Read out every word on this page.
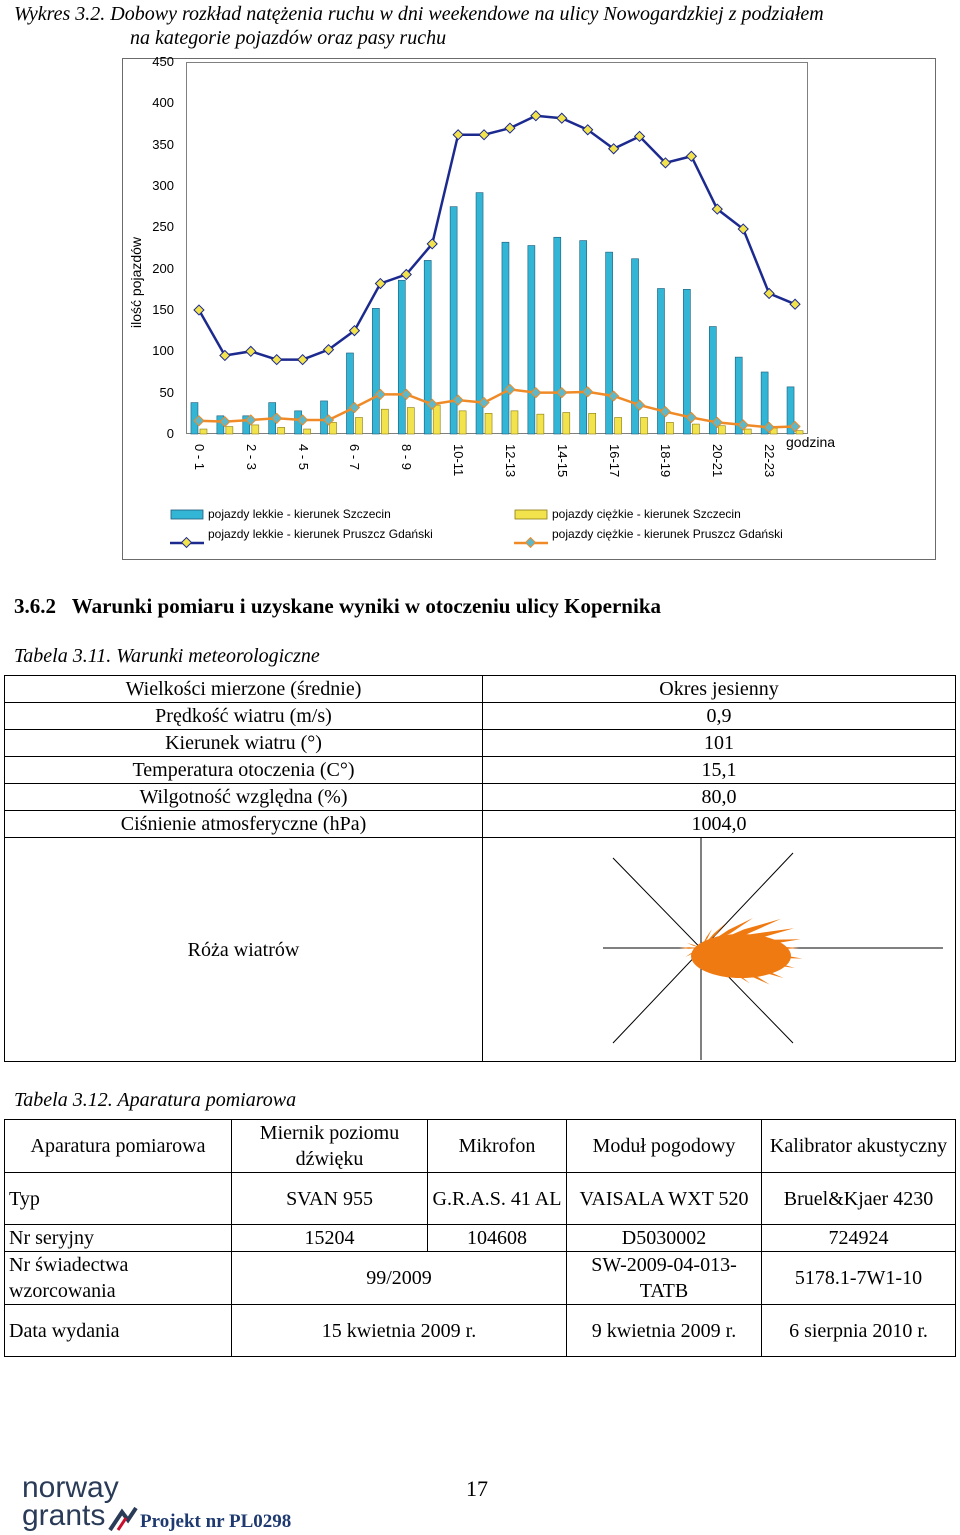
Wykres 3.2. Dobowy rozkład natężenia ruchu w dni weekendowe na ulicy Nowogardzkiej z podziałem
na kategorie pojazdów oraz pasy ruchu
450
400
350
300
250
200
150
100
50
0
0 - 1	2 - 3	4 - 5	6 - 7	8 - 9	10-11	12-13	14-15	16-17	18-19	20-21	22-23
ilość pojazdów
godzina
pojazdy lekkie - kierunek Szczecin
pojazdy lekkie - kierunek Pruszcz Gdański
pojazdy ciężkie - kierunek Szczecin
pojazdy ciężkie - kierunek Pruszcz Gdański
3.6.2   Warunki pomiaru i uzyskane wyniki w otoczeniu ulicy Kopernika
Tabela 3.11. Warunki meteorologiczne
Wielkości mierzone (średnie)	Okres jesienny
Prędkość wiatru (m/s)	0,9
Kierunek wiatru (°)	101
Temperatura otoczenia (C°)	15,1
Wilgotność względna (%)	80,0
Ciśnienie atmosferyczne (hPa)	1004,0
Róża wiatrów	
Tabela 3.12. Aparatura pomiarowa
Aparatura pomiarowa	Miernik poziomu dźwięku	Mikrofon	Moduł pogodowy	Kalibrator akustyczny
Typ	SVAN 955	G.R.A.S. 41 AL	VAISALA WXT 520	Bruel&Kjaer 4230
Nr seryjny	15204	104608	D5030002	724924
Nr świadectwa wzorcowania	99/2009		SW-2009-04-013-TATB	5178.1-7W1-10
Data wydania	15 kwietnia 2009 r.		9 kwietnia 2009 r.	6 sierpnia 2010 r.
17
norway
grants	Projekt nr PL0298
